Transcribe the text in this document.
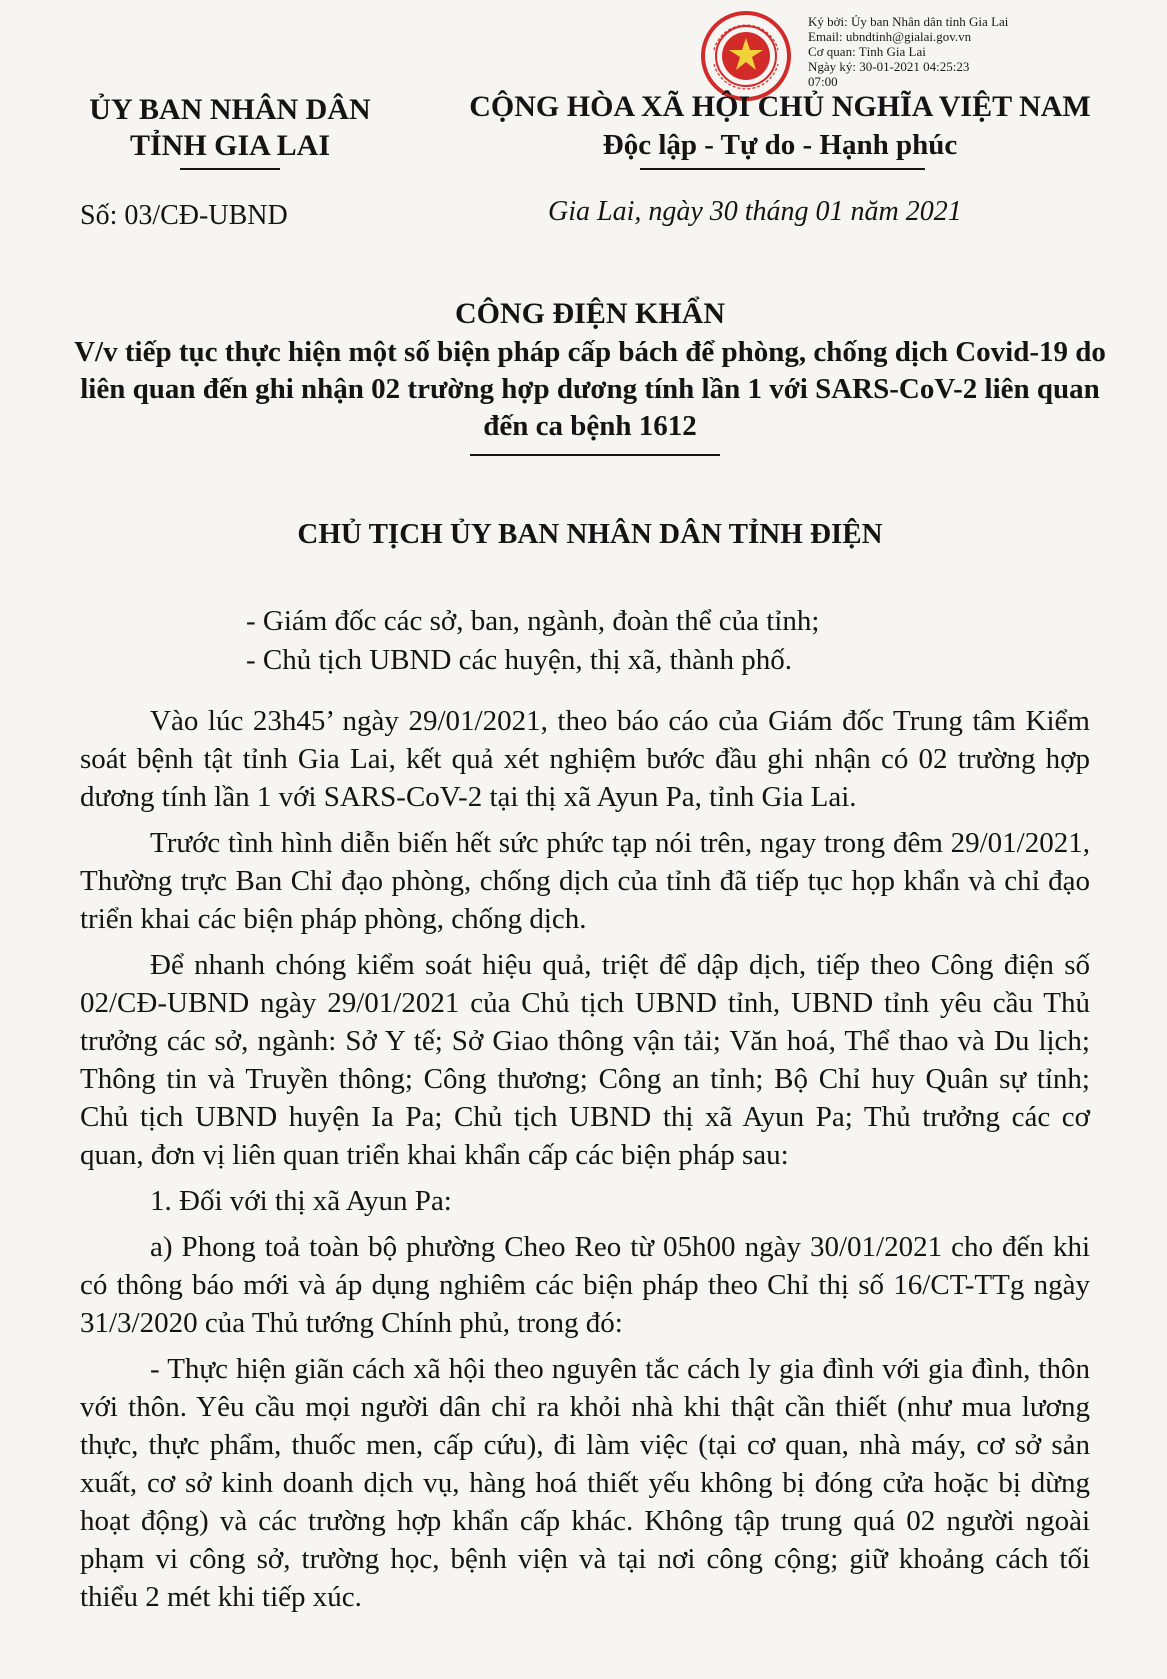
Ký bởi: Ủy ban Nhân dân tỉnh Gia Lai
Email: ubndtinh@gialai.gov.vn
Cơ quan: Tỉnh Gia Lai
Ngày ký: 30-01-2021 04:25:23
07:00
ỦY BAN NHÂN DÂN
TỈNH GIA LAI
CỘNG HÒA XÃ HỘI CHỦ NGHĨA VIỆT NAM
Độc lập - Tự do - Hạnh phúc
Số: 03/CĐ-UBND	Gia Lai, ngày 30 tháng 01 năm 2021
CÔNG ĐIỆN KHẨN
V/v tiếp tục thực hiện một số biện pháp cấp bách để phòng, chống dịch Covid-19 do liên quan đến ghi nhận 02 trường hợp dương tính lần 1 với SARS-CoV-2 liên quan đến ca bệnh 1612
CHỦ TỊCH ỦY BAN NHÂN DÂN TỈNH ĐIỆN
- Giám đốc các sở, ban, ngành, đoàn thể của tỉnh;
- Chủ tịch UBND các huyện, thị xã, thành phố.

Vào lúc 23h45’ ngày 29/01/2021, theo báo cáo của Giám đốc Trung tâm Kiểm soát bệnh tật tỉnh Gia Lai, kết quả xét nghiệm bước đầu ghi nhận có 02 trường hợp dương tính lần 1 với SARS-CoV-2 tại thị xã Ayun Pa, tỉnh Gia Lai.

Trước tình hình diễn biến hết sức phức tạp nói trên, ngay trong đêm 29/01/2021, Thường trực Ban Chỉ đạo phòng, chống dịch của tỉnh đã tiếp tục họp khẩn và chỉ đạo triển khai các biện pháp phòng, chống dịch.

Để nhanh chóng kiểm soát hiệu quả, triệt để dập dịch, tiếp theo Công điện số 02/CĐ-UBND ngày 29/01/2021 của Chủ tịch UBND tỉnh, UBND tỉnh yêu cầu Thủ trưởng các sở, ngành: Sở Y tế; Sở Giao thông vận tải; Văn hoá, Thể thao và Du lịch; Thông tin và Truyền thông; Công thương; Công an tỉnh; Bộ Chỉ huy Quân sự tỉnh; Chủ tịch UBND huyện Ia Pa; Chủ tịch UBND thị xã Ayun Pa; Thủ trưởng các cơ quan, đơn vị liên quan triển khai khẩn cấp các biện pháp sau:

1. Đối với thị xã Ayun Pa:

a) Phong toả toàn bộ phường Cheo Reo từ 05h00 ngày 30/01/2021 cho đến khi có thông báo mới và áp dụng nghiêm các biện pháp theo Chỉ thị số 16/CT-TTg ngày 31/3/2020 của Thủ tướng Chính phủ, trong đó:

- Thực hiện giãn cách xã hội theo nguyên tắc cách ly gia đình với gia đình, thôn với thôn. Yêu cầu mọi người dân chỉ ra khỏi nhà khi thật cần thiết (như mua lương thực, thực phẩm, thuốc men, cấp cứu), đi làm việc (tại cơ quan, nhà máy, cơ sở sản xuất, cơ sở kinh doanh dịch vụ, hàng hoá thiết yếu không bị đóng cửa hoặc bị dừng hoạt động) và các trường hợp khẩn cấp khác. Không tập trung quá 02 người ngoài phạm vi công sở, trường học, bệnh viện và tại nơi công cộng; giữ khoảng cách tối thiểu 2 mét khi tiếp xúc.
